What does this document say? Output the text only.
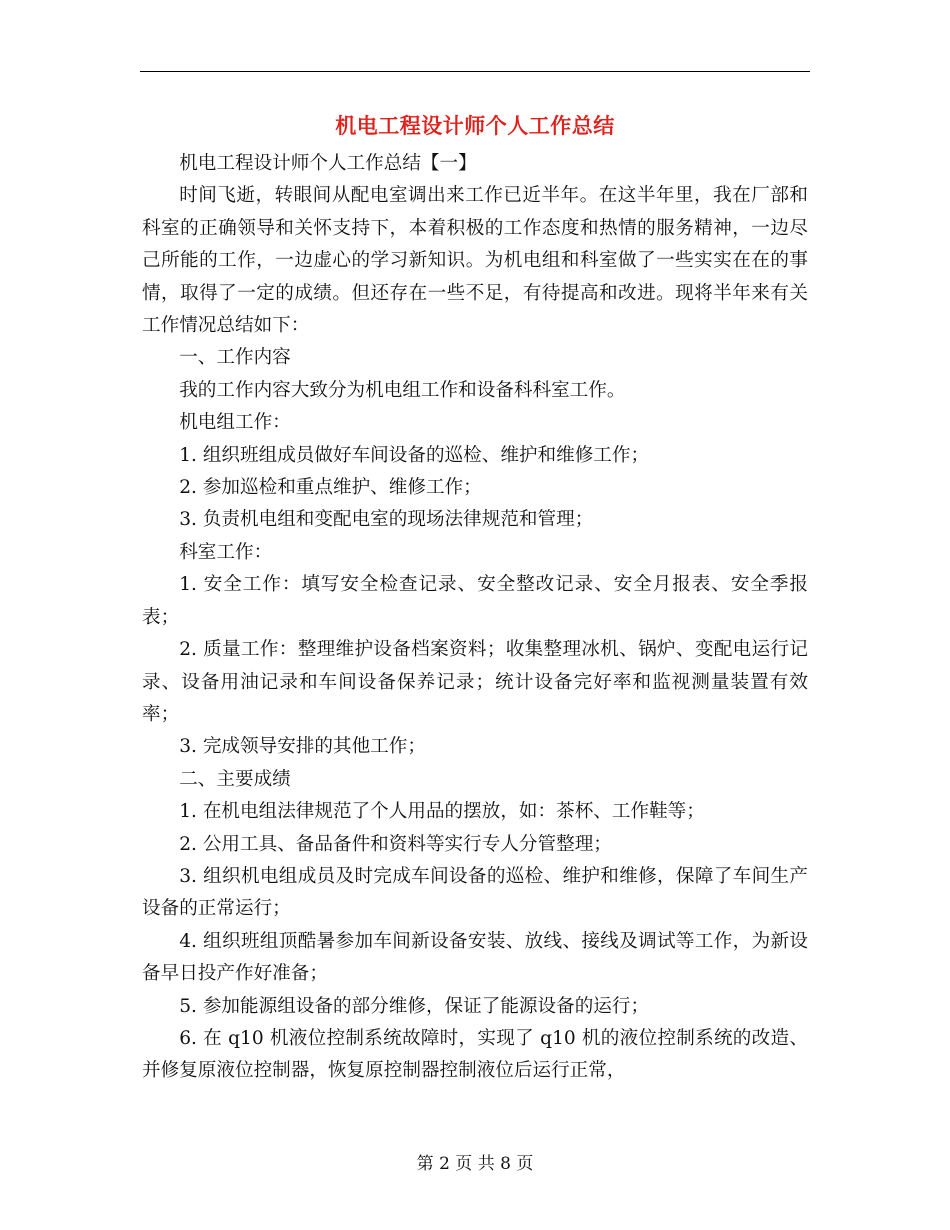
机电工程设计师个人工作总结

机电工程设计师个人工作总结【一】

时间飞逝，转眼间从配电室调出来工作已近半年。在这半年里，我在厂部和科室的正确领导和关怀支持下，本着积极的工作态度和热情的服务精神，一边尽己所能的工作，一边虚心的学习新知识。为机电组和科室做了一些实实在在的事情，取得了一定的成绩。但还存在一些不足，有待提高和改进。现将半年来有关工作情况总结如下：

一、工作内容

我的工作内容大致分为机电组工作和设备科科室工作。

机电组工作：

1. 组织班组成员做好车间设备的巡检、维护和维修工作；

2. 参加巡检和重点维护、维修工作；

3. 负责机电组和变配电室的现场法律规范和管理；

科室工作：

1. 安全工作：填写安全检查记录、安全整改记录、安全月报表、安全季报表；

2. 质量工作：整理维护设备档案资料；收集整理冰机、锅炉、变配电运行记录、设备用油记录和车间设备保养记录；统计设备完好率和监视测量装置有效率；

3. 完成领导安排的其他工作；

二、主要成绩

1. 在机电组法律规范了个人用品的摆放，如：茶杯、工作鞋等；

2. 公用工具、备品备件和资料等实行专人分管整理；

3. 组织机电组成员及时完成车间设备的巡检、维护和维修，保障了车间生产设备的正常运行；

4. 组织班组顶酷暑参加车间新设备安装、放线、接线及调试等工作，为新设备早日投产作好准备；

5. 参加能源组设备的部分维修，保证了能源设备的运行；

6. 在 q10 机液位控制系统故障时，实现了 q10 机的液位控制系统的改造、并修复原液位控制器，恢复原控制器控制液位后运行正常，

第 2 页 共 8 页
